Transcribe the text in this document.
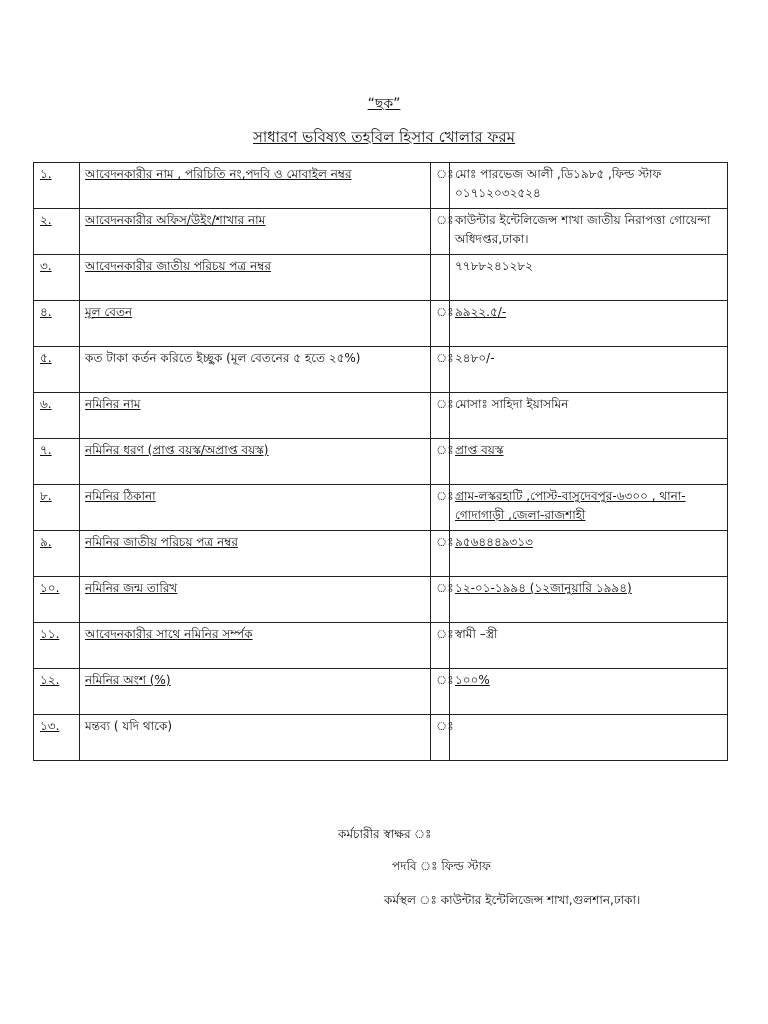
“ছক”
সাধারণ ভবিষ্যৎ তহবিল হিসাব খোলার ফরম
১.	আবেদনকারীর নাম , পরিচিতি নং,পদবি ও মোবাইল নম্বর	ঃ	মোঃ পারভেজ আলী ,ডি১৯৮৫ ,ফিল্ড স্টাফ ০১৭১২০৩২৫২৪
২.	আবেদনকারীর অফিস/উইং/শাখার নাম	ঃ	কাউন্টার ইন্টেলিজেন্স শাখা জাতীয় নিরাপত্তা গোয়েন্দা অধিদপ্তর,ঢাকা।
৩.	আবেদনকারীর জাতীয় পরিচয় পত্র নম্বর		৭৭৮৮২৪১২৮২
৪.	মূল বেতন	ঃ	৯৯২২.৫/-
৫.	কত টাকা কর্তন করিতে ইচ্ছুক (মূল বেতনের ৫ হতে ২৫%)	ঃ	২৪৮০/-
৬.	নমিনির নাম	ঃ	মোসাঃ সাহিদা ইয়াসমিন
৭.	নমিনির ধরণ (প্রাপ্ত বয়স্ক/অপ্রাপ্ত বয়স্ক)	ঃ	প্রাপ্ত বয়স্ক
৮.	নমিনির ঠিকানা	ঃ	গ্রাম-লস্করহাটি ,পোস্ট-বাসুদেবপুর-৬৩০০ , থানা-গোদাগাড়ী ,জেলা-রাজশাহী
৯.	নমিনির জাতীয় পরিচয় পত্র নম্বর	ঃ	৯৫৬৪৪৪৯৩১৩
১০.	নমিনির জন্ম তারিখ	ঃ	১২-০১-১৯৯৪ (১২জানুয়ারি ১৯৯৪)
১১.	আবেদনকারীর সাথে নমিনির সর্ম্পক	ঃ	স্বামী –স্ত্রী
১২.	নমিনির অংশ (%)	ঃ	১০০%
১৩.	মন্তব্য ( যদি থাকে)	ঃ	
কর্মচারীর স্বাক্ষর ঃ
পদবি ঃ ফিল্ড স্টাফ
কর্মস্থল ঃ কাউন্টার ইন্টেলিজেন্স শাখা,গুলশান,ঢাকা।
